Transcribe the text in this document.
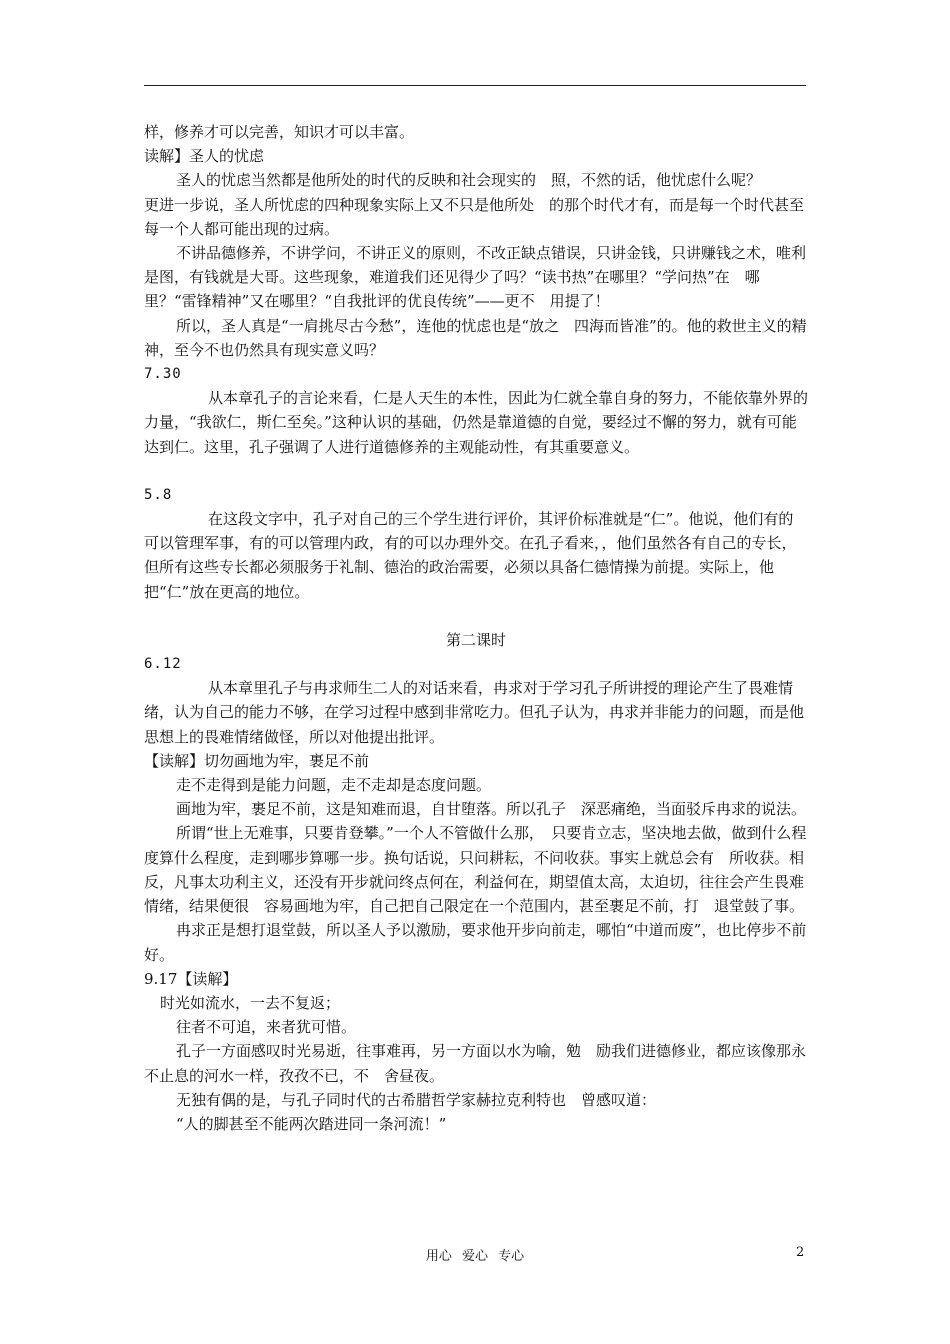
样，修养才可以完善，知识才可以丰富。

读解】圣人的忧虑

圣人的忧虑当然都是他所处的时代的反映和社会现实的　照，不然的话，他忧虑什么呢？　　　更进一步说，圣人所忧虑的四种现象实际上又不只是他所处　的那个时代才有，而是每一个时代甚至每一个人都可能出现的过病。

不讲品德修养，不讲学问，不讲正义的原则，不改正缺点错误，只讲金钱，只讲赚钱之术，唯利是图，有钱就是大哥。这些现象，难道我们还见得少了吗？“读书热”在哪里？“学问热”在　哪里？“雷锋精神”又在哪里？“自我批评的优良传统”——更不　用提了！

所以，圣人真是“一肩挑尽古今愁”，连他的忧虑也是“放之　四海而皆准”的。他的救世主义的精神，至今不也仍然具有现实意义吗？

7.30

从本章孔子的言论来看，仁是人天生的本性，因此为仁就全靠自身的努力，不能依靠外界的力量，“我欲仁，斯仁至矣。”这种认识的基础，仍然是靠道德的自觉，要经过不懈的努力，就有可能达到仁。这里，孔子强调了人进行道德修养的主观能动性，有其重要意义。

5.8

在这段文字中，孔子对自己的三个学生进行评价，其评价标准就是“仁”。他说，他们有的可以管理军事，有的可以管理内政，有的可以办理外交。在孔子看来，，他们虽然各有自己的专长，但所有这些专长都必须服务于礼制、德治的政治需要，必须以具备仁德情操为前提。实际上，他把“仁”放在更高的地位。

第二课时

6.12

从本章里孔子与冉求师生二人的对话来看，冉求对于学习孔子所讲授的理论产生了畏难情绪，认为自己的能力不够，在学习过程中感到非常吃力。但孔子认为，冉求并非能力的问题，而是他思想上的畏难情绪做怪，所以对他提出批评。

【读解】切勿画地为牢，裹足不前

走不走得到是能力问题，走不走却是态度问题。

画地为牢，裹足不前，这是知难而退，自甘堕落。所以孔子　深恶痛绝，当面驳斥冉求的说法。

所谓“世上无难事，只要肯登攀。”一个人不管做什么那，　只要肯立志，坚决地去做，做到什么程度算什么程度，走到哪步算哪一步。换句话说，只问耕耘，不问收获。事实上就总会有　所收获。相反，凡事太功利主义，还没有开步就问终点何在，利益何在，期望值太高，太迫切，往往会产生畏难情绪，结果便很　容易画地为牢，自己把自己限定在一个范围内，甚至裹足不前，打　退堂鼓了事。

冉求正是想打退堂鼓，所以圣人予以激励，要求他开步向前走，哪怕“中道而废”，也比停步不前好。

9.17【读解】

时光如流水，一去不复返；

往者不可追，来者犹可惜。

孔子一方面感叹时光易逝，往事难再，另一方面以水为喻，勉　励我们进德修业，都应该像那永不止息的河水一样，孜孜不已，不　舍昼夜。

无独有偶的是，与孔子同时代的古希腊哲学家赫拉克利特也　曾感叹道：

“人的脚甚至不能两次踏进同一条河流！”

用心 爱心 专心	2
